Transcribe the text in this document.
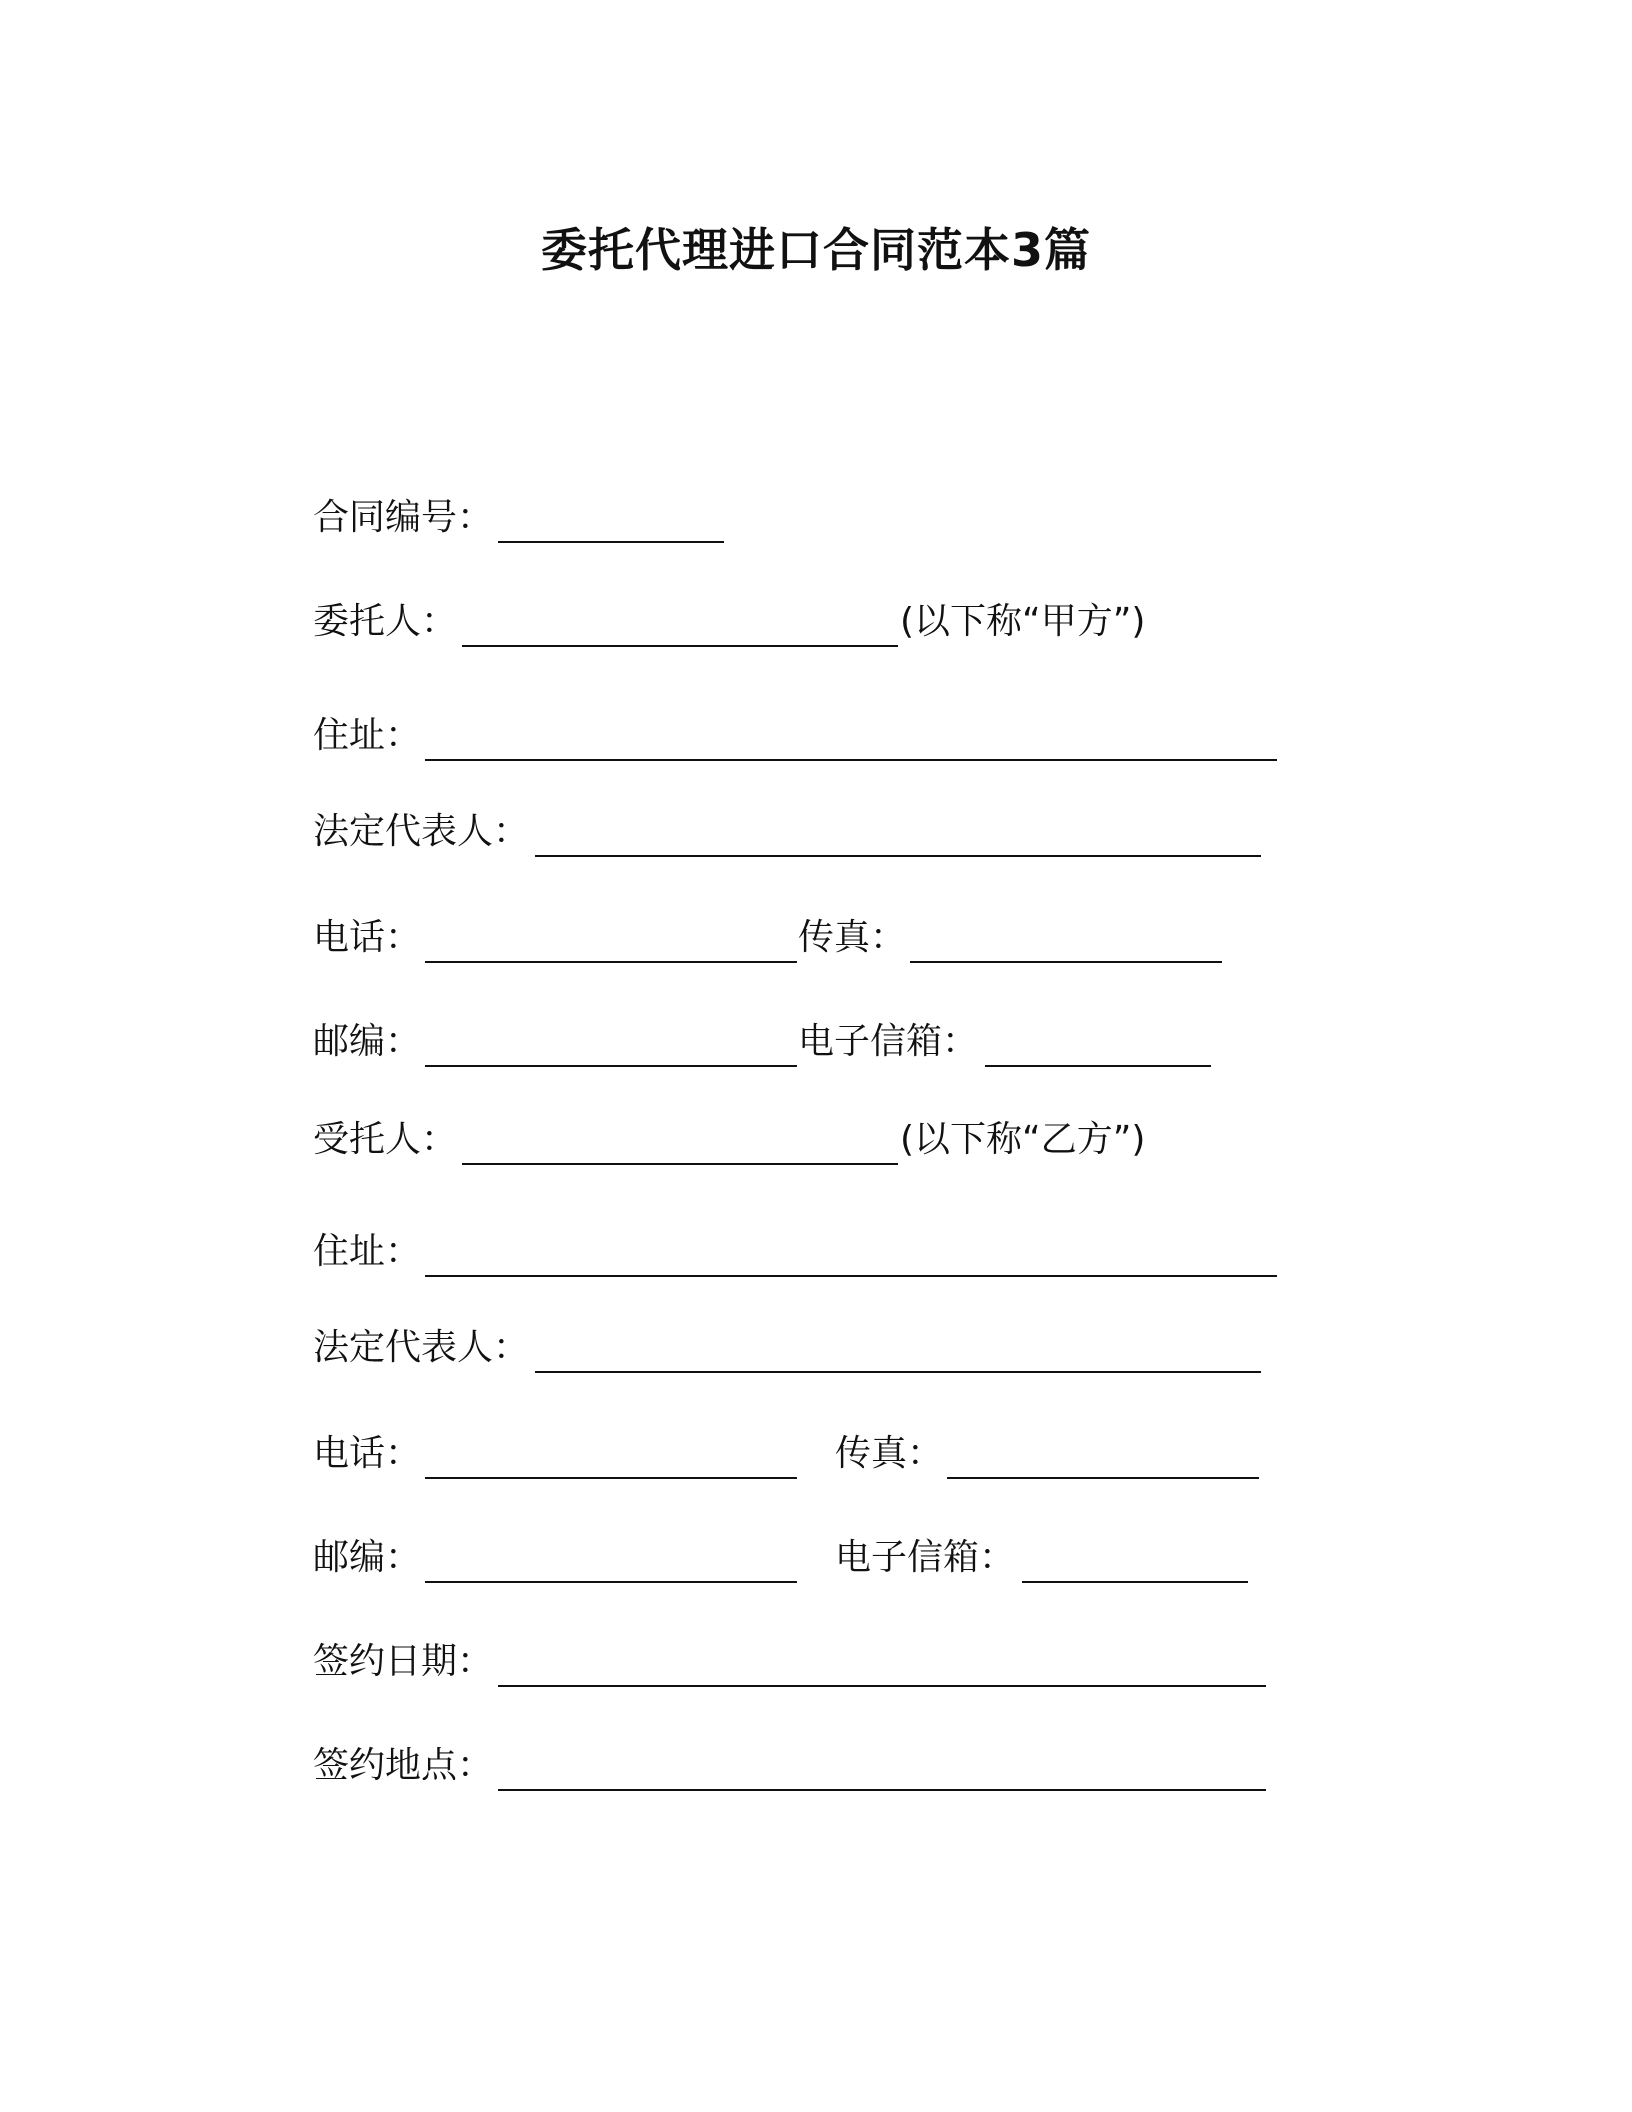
委托代理进口合同范本3篇
合同编号：
委托人：	(以下称“甲方”)
住址：
法定代表人：
电话：	传真：
邮编：	电子信箱：
受托人：	(以下称“乙方”)
住址：
法定代表人：
电话：	传真：
邮编：	电子信箱：
签约日期：
签约地点：
